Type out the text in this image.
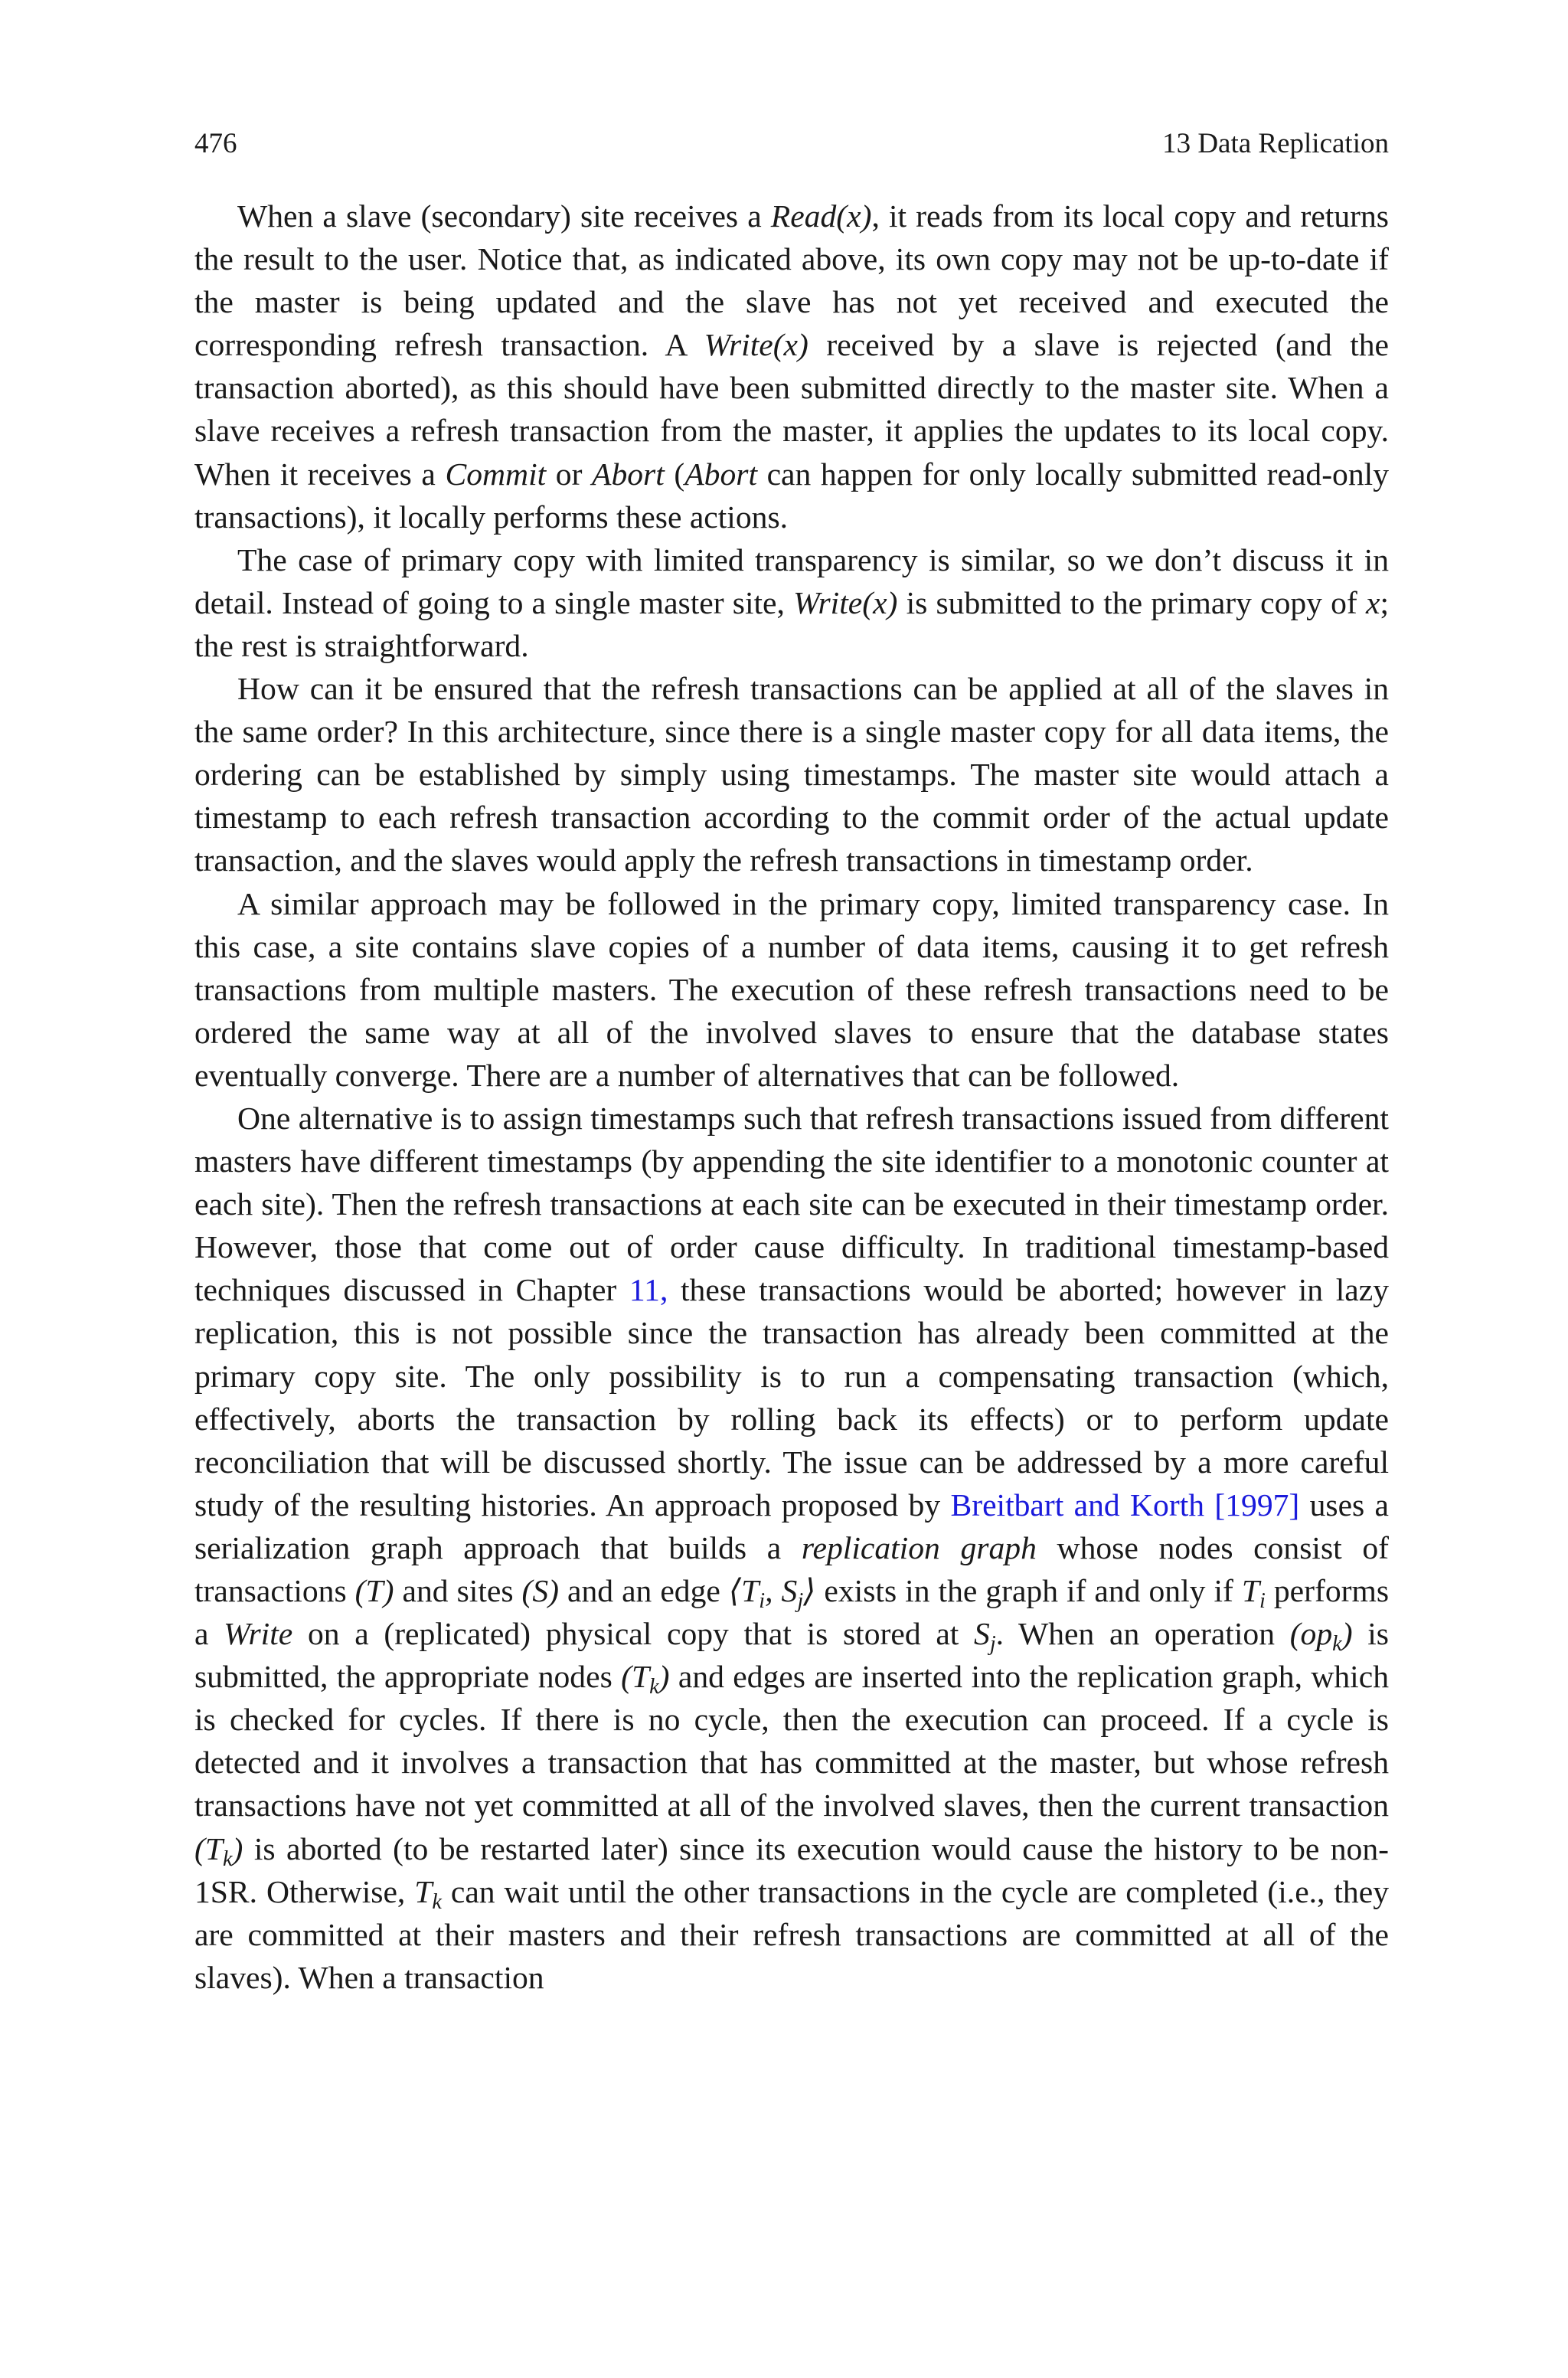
476	13 Data Replication

When a slave (secondary) site receives a Read(x), it reads from its local copy and returns the result to the user. Notice that, as indicated above, its own copy may not be up-to-date if the master is being updated and the slave has not yet received and executed the corresponding refresh transaction. A Write(x) received by a slave is rejected (and the transaction aborted), as this should have been submitted directly to the master site. When a slave receives a refresh transaction from the master, it applies the updates to its local copy. When it receives a Commit or Abort (Abort can happen for only locally submitted read-only transactions), it locally performs these actions.

The case of primary copy with limited transparency is similar, so we don’t discuss it in detail. Instead of going to a single master site, Write(x) is submitted to the primary copy of x; the rest is straightforward.

How can it be ensured that the refresh transactions can be applied at all of the slaves in the same order? In this architecture, since there is a single master copy for all data items, the ordering can be established by simply using timestamps. The master site would attach a timestamp to each refresh transaction according to the commit order of the actual update transaction, and the slaves would apply the refresh transactions in timestamp order.

A similar approach may be followed in the primary copy, limited transparency case. In this case, a site contains slave copies of a number of data items, causing it to get refresh transactions from multiple masters. The execution of these refresh transactions need to be ordered the same way at all of the involved slaves to ensure that the database states eventually converge. There are a number of alternatives that can be followed.

One alternative is to assign timestamps such that refresh transactions issued from different masters have different timestamps (by appending the site identifier to a monotonic counter at each site). Then the refresh transactions at each site can be executed in their timestamp order. However, those that come out of order cause difficulty. In traditional timestamp-based techniques discussed in Chapter 11, these transactions would be aborted; however in lazy replication, this is not possible since the transaction has already been committed at the primary copy site. The only possibility is to run a compensating transaction (which, effectively, aborts the transaction by rolling back its effects) or to perform update reconciliation that will be discussed shortly. The issue can be addressed by a more careful study of the resulting histories. An approach proposed by Breitbart and Korth [1997] uses a serialization graph approach that builds a replication graph whose nodes consist of transactions (T) and sites (S) and an edge $⟨T_i$, $S_j⟩$ exists in the graph if and only if $T_i$ performs a Write on a (replicated) physical copy that is stored at $S_j$. When an operation $(op_k)$ is submitted, the appropriate nodes $(T_k)$ and edges are inserted into the replication graph, which is checked for cycles. If there is no cycle, then the execution can proceed. If a cycle is detected and it involves a transaction that has committed at the master, but whose refresh transactions have not yet committed at all of the involved slaves, then the current transaction $(T_k)$ is aborted (to be restarted later) since its execution would cause the history to be non-1SR. Otherwise, $T_k$ can wait until the other transactions in the cycle are completed (i.e., they are committed at their masters and their refresh transactions are committed at all of the slaves). When a transaction
